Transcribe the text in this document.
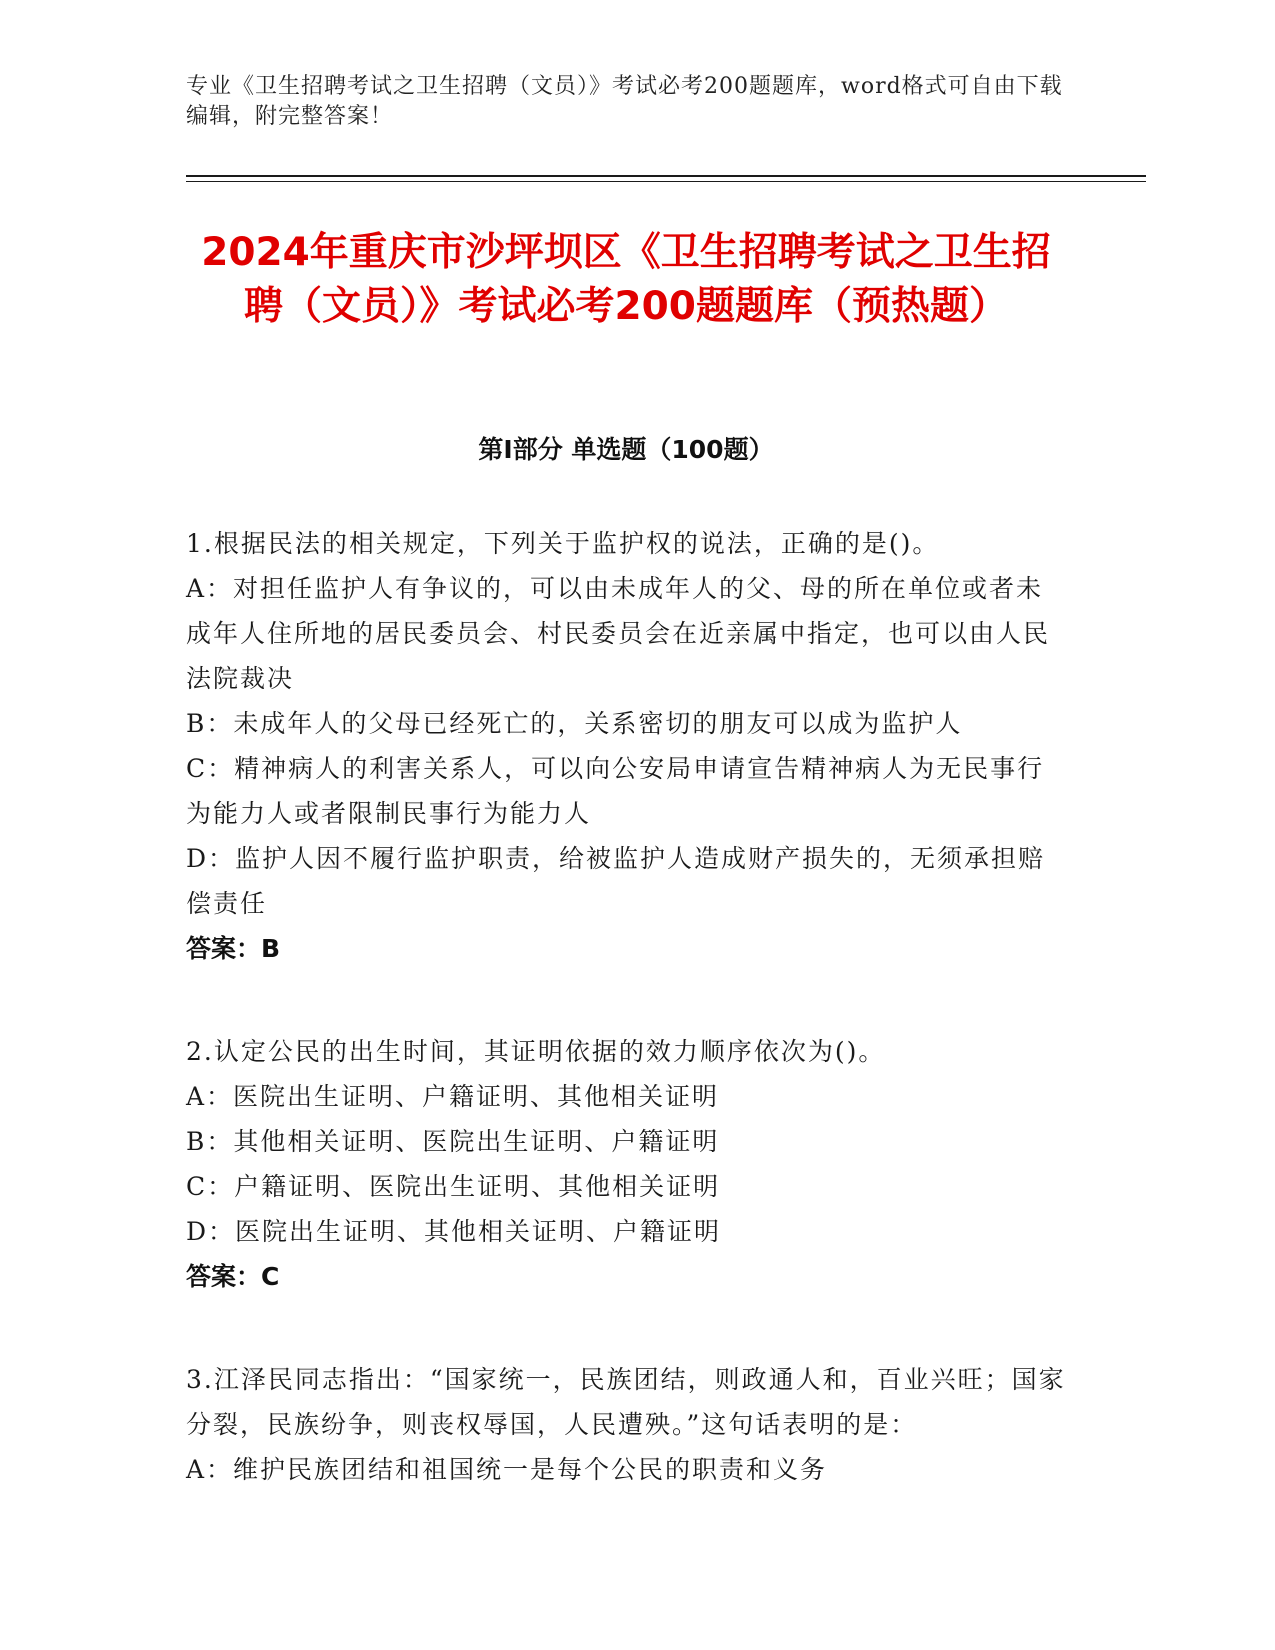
专业《卫生招聘考试之卫生招聘（文员）》考试必考200题题库，word格式可自由下载编辑，附完整答案！
2024年重庆市沙坪坝区《卫生招聘考试之卫生招聘（文员）》考试必考200题题库（预热题）
第I部分 单选题（100题）

1.根据民法的相关规定，下列关于监护权的说法，正确的是()。

A：对担任监护人有争议的，可以由未成年人的父、母的所在单位或者未成年人住所地的居民委员会、村民委员会在近亲属中指定，也可以由人民法院裁决

B：未成年人的父母已经死亡的，关系密切的朋友可以成为监护人

C：精神病人的利害关系人，可以向公安局申请宣告精神病人为无民事行为能力人或者限制民事行为能力人

D：监护人因不履行监护职责，给被监护人造成财产损失的，无须承担赔偿责任

答案：B

2.认定公民的出生时间，其证明依据的效力顺序依次为()。

A：医院出生证明、户籍证明、其他相关证明

B：其他相关证明、医院出生证明、户籍证明

C：户籍证明、医院出生证明、其他相关证明

D：医院出生证明、其他相关证明、户籍证明

答案：C

3.江泽民同志指出：“国家统一，民族团结，则政通人和，百业兴旺；国家分裂，民族纷争，则丧权辱国，人民遭殃。”这句话表明的是：

A：维护民族团结和祖国统一是每个公民的职责和义务
